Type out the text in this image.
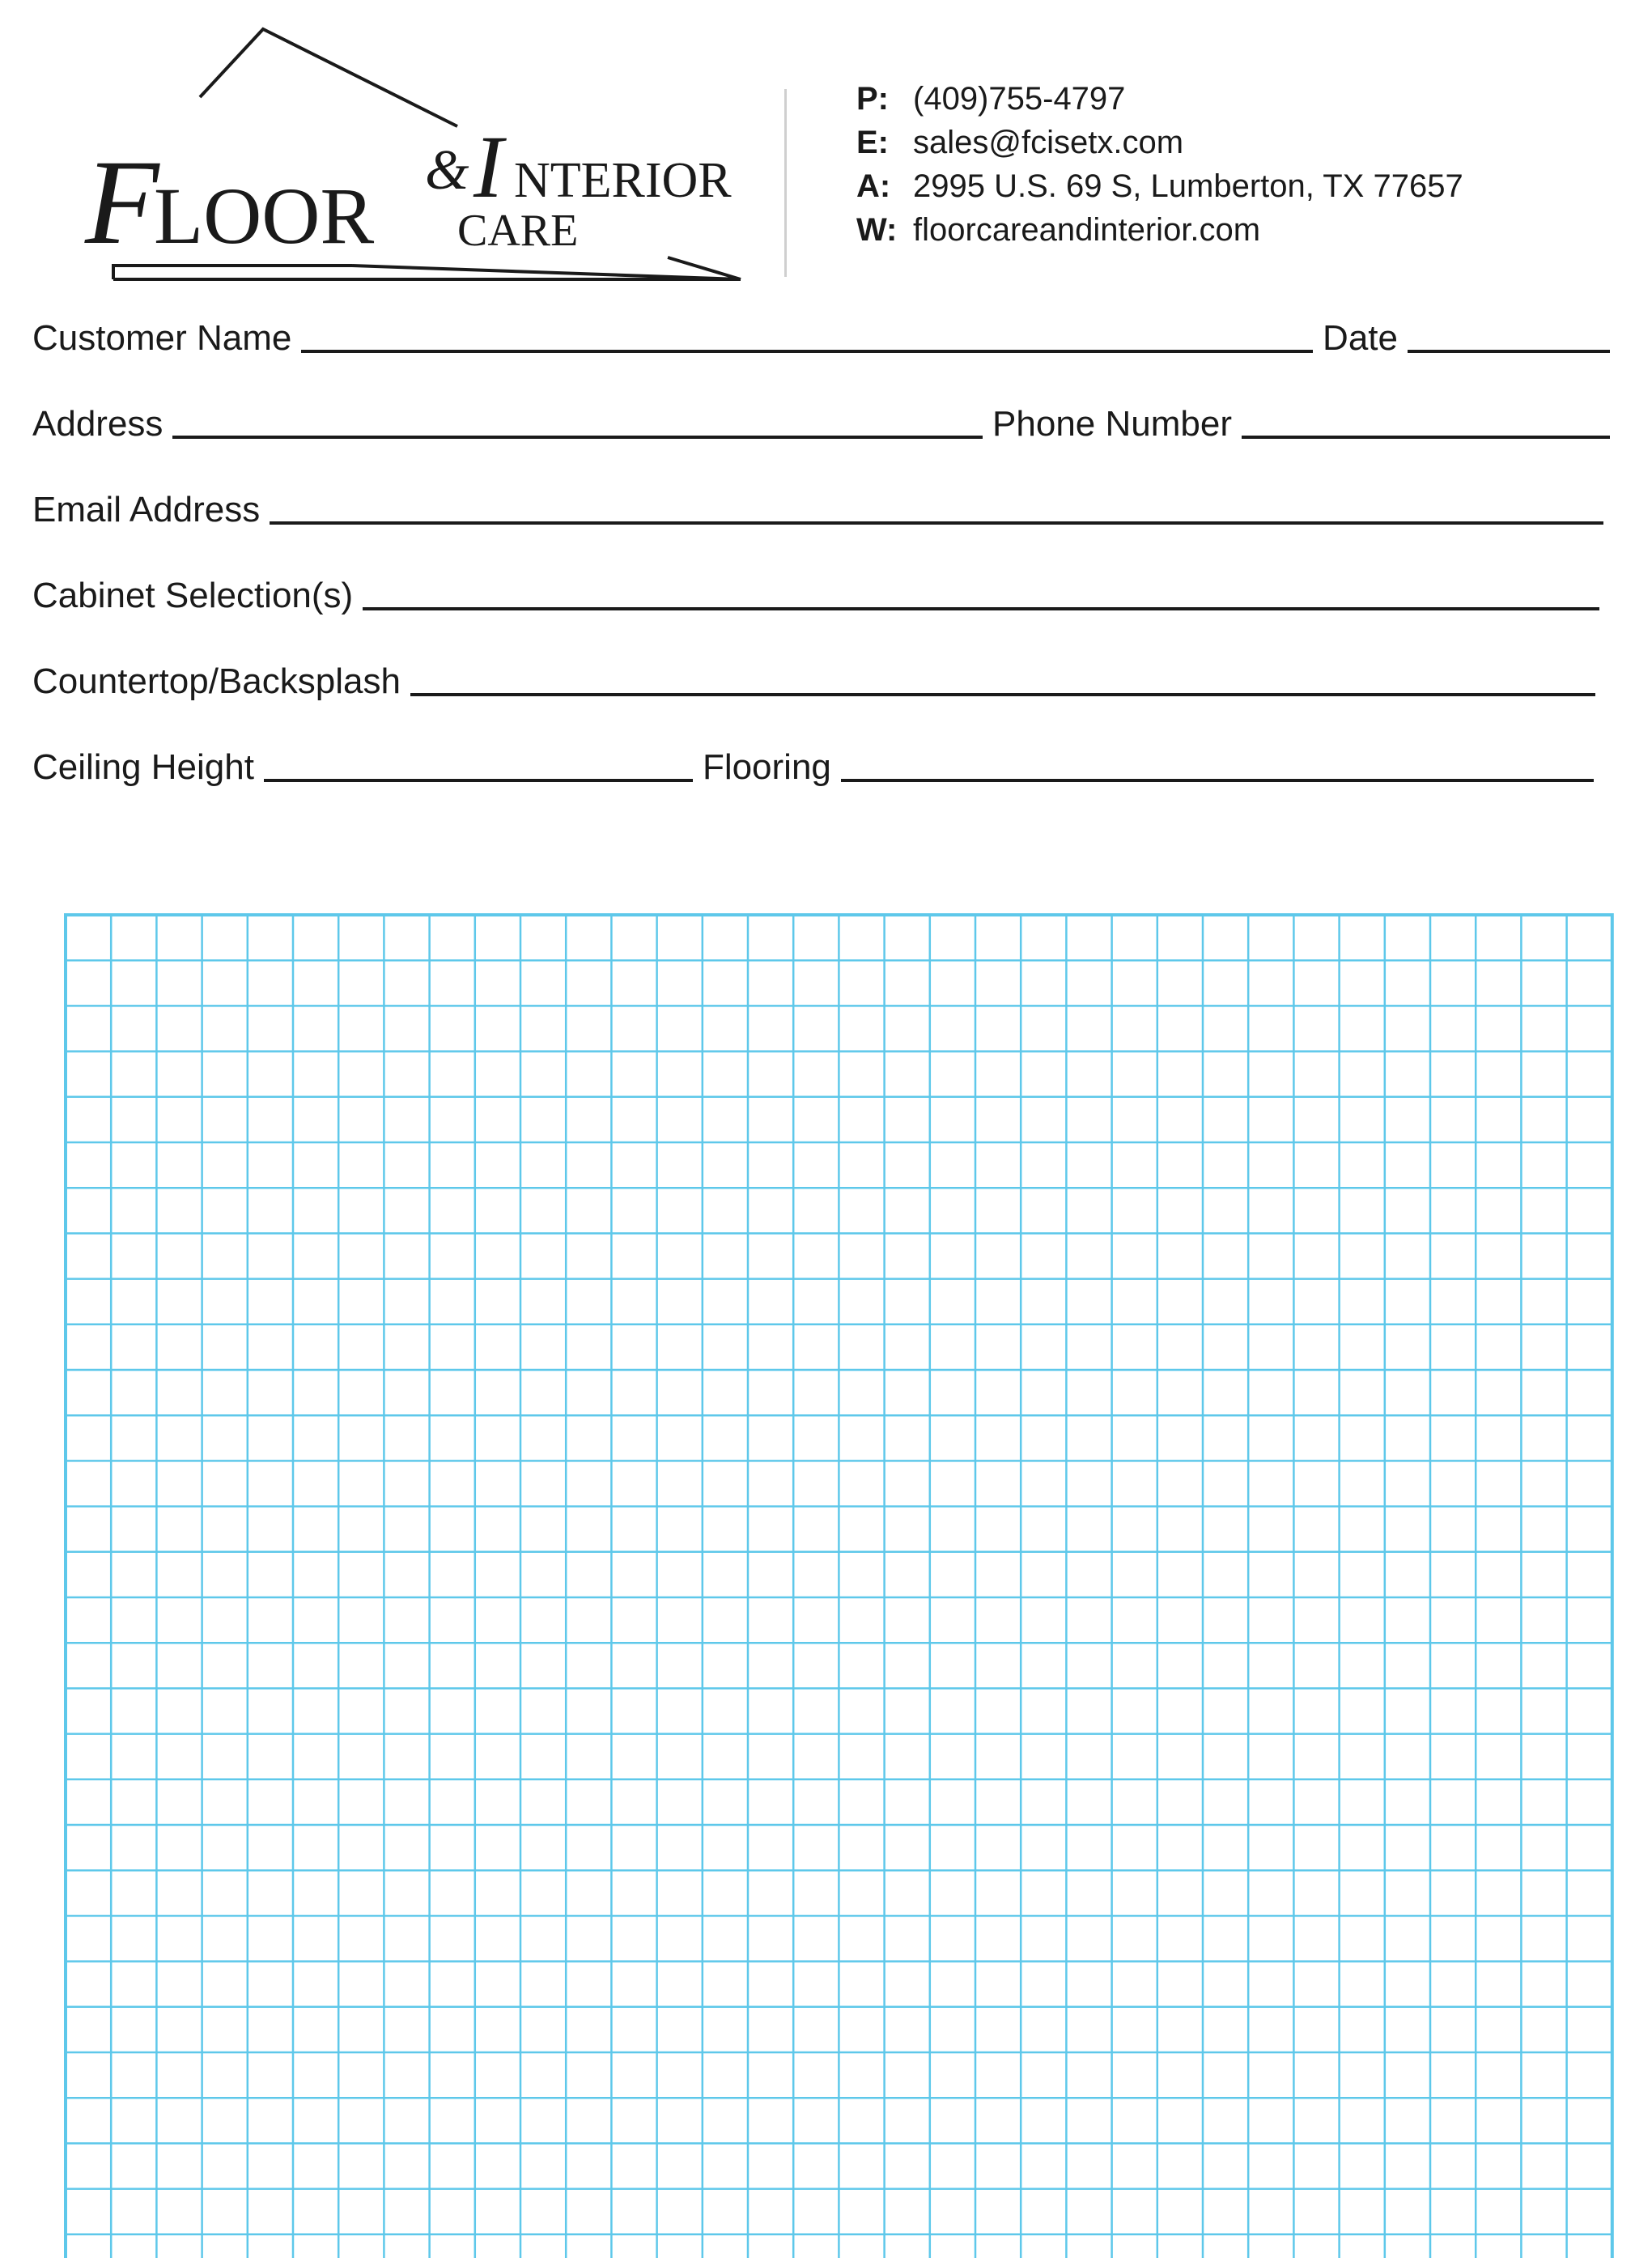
F
LOOR
& I NTERIOR
CARE
P: (409)755-4797
E: sales@fcisetx.com
A: 2995 U.S. 69 S, Lumberton, TX 77657
W: floorcareandinterior.com
Customer Name	Date
Address	Phone Number
Email Address
Cabinet Selection(s)
Countertop/Backsplash
Ceiling Height	Flooring
